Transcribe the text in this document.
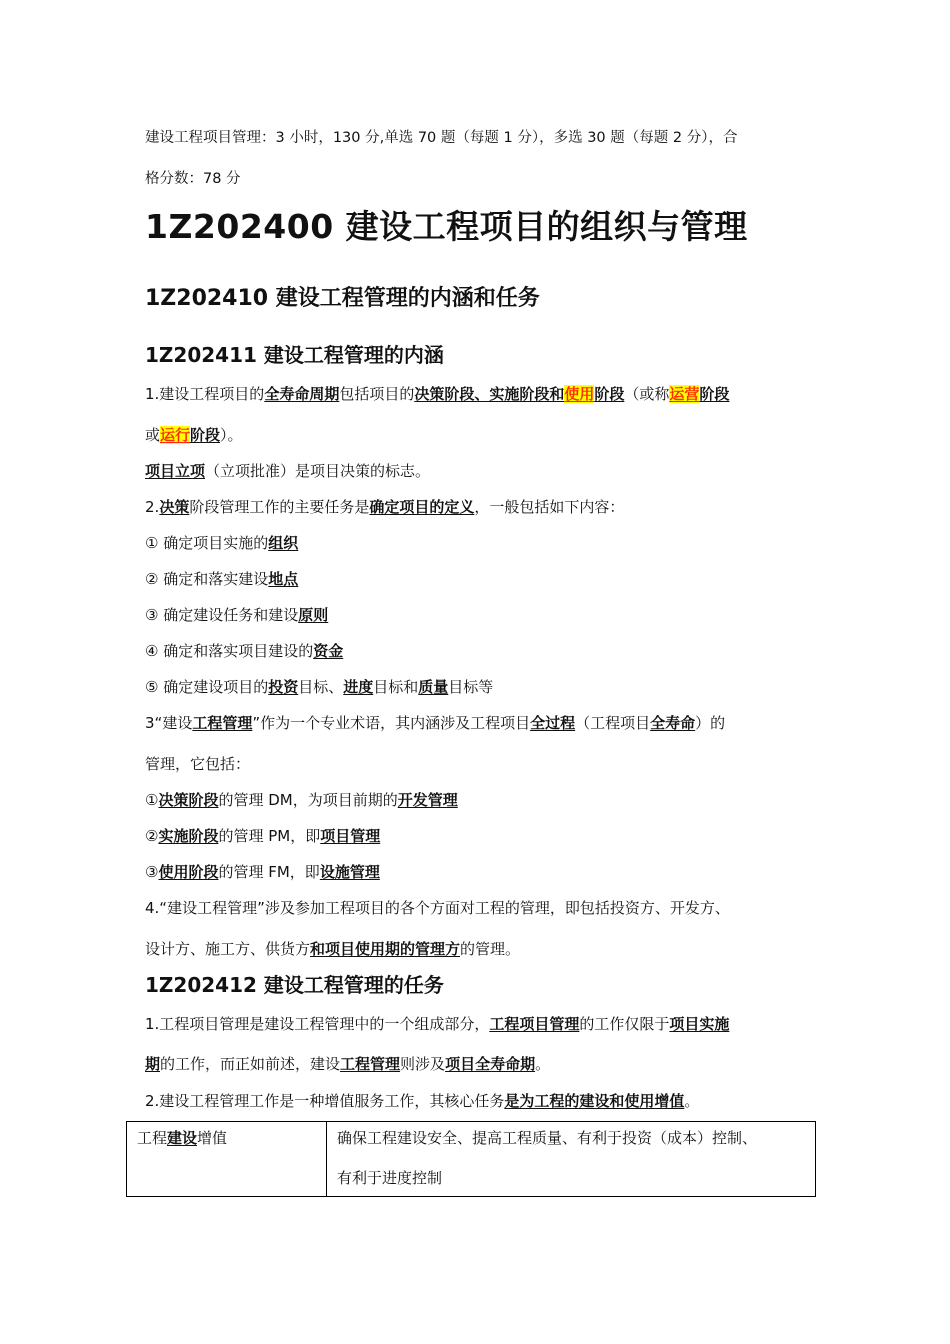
建设工程项目管理：3 小时，130 分,单选 70 题（每题 1 分），多选 30 题（每题 2 分），合
格分数：78 分
1Z202400 建设工程项目的组织与管理
1Z202410 建设工程管理的内涵和任务
1Z202411 建设工程管理的内涵
1.建设工程项目的全寿命周期包括项目的决策阶段、实施阶段和使用阶段（或称运营阶段
或运行阶段）。
项目立项（立项批准）是项目决策的标志。
2.决策阶段管理工作的主要任务是确定项目的定义，一般包括如下内容：
① 确定项目实施的组织
② 确定和落实建设地点
③ 确定建设任务和建设原则
④ 确定和落实项目建设的资金
⑤ 确定建设项目的投资目标、进度目标和质量目标等
3“建设工程管理”作为一个专业术语，其内涵涉及工程项目全过程（工程项目全寿命）的
管理，它包括：
①决策阶段的管理 DM，为项目前期的开发管理
②实施阶段的管理 PM，即项目管理
③使用阶段的管理 FM，即设施管理
4.“建设工程管理”涉及参加工程项目的各个方面对工程的管理，即包括投资方、开发方、
设计方、施工方、供货方和项目使用期的管理方的管理。
1Z202412 建设工程管理的任务
1.工程项目管理是建设工程管理中的一个组成部分，工程项目管理的工作仅限于项目实施
期的工作，而正如前述，建设工程管理则涉及项目全寿命期。
2.建设工程管理工作是一种增值服务工作，其核心任务是为工程的建设和使用增值。
工程建设增值	确保工程建设安全、提高工程质量、有利于投资（成本）控制、
有利于进度控制
